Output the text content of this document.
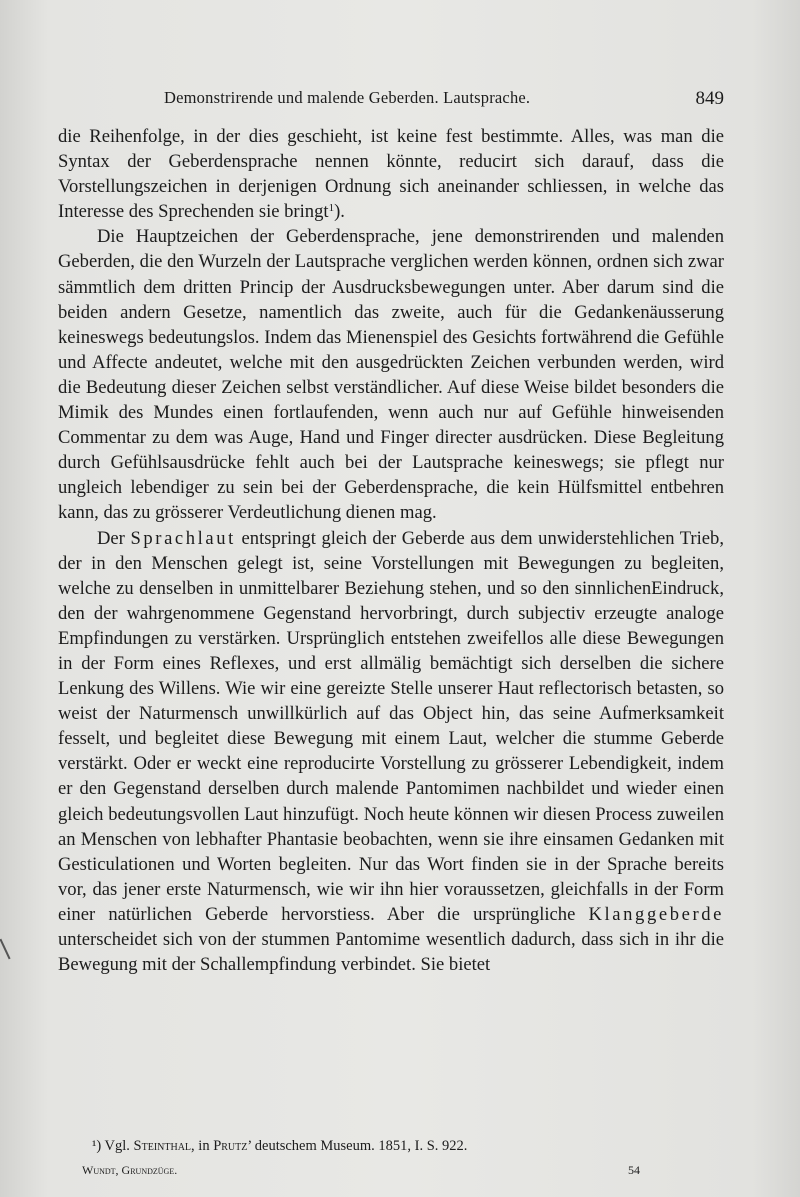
Demonstrirende und malende Geberden. Lautsprache.	849

die Reihenfolge, in der dies geschieht, ist keine fest bestimmte. Alles, was man die Syntax der Geberdensprache nennen könnte, reducirt sich darauf, dass die Vorstellungszeichen in derjenigen Ordnung sich aneinander schliessen, in welche das Interesse des Sprechenden sie bringt$^1$).

Die Hauptzeichen der Geberdensprache, jene demonstrirenden und malenden Geberden, die den Wurzeln der Lautsprache verglichen werden können, ordnen sich zwar sämmtlich dem dritten Princip der Ausdrucksbewegungen unter. Aber darum sind die beiden andern Gesetze, namentlich das zweite, auch für die Gedankenäusserung keineswegs bedeutungslos. Indem das Mienenspiel des Gesichts fortwährend die Gefühle und Affecte andeutet, welche mit den ausgedrückten Zeichen verbunden werden, wird die Bedeutung dieser Zeichen selbst verständlicher. Auf diese Weise bildet besonders die Mimik des Mundes einen fortlaufenden, wenn auch nur auf Gefühle hinweisenden Commentar zu dem was Auge, Hand und Finger directer ausdrücken. Diese Begleitung durch Gefühlsausdrücke fehlt auch bei der Lautsprache keineswegs; sie pflegt nur ungleich lebendiger zu sein bei der Geberdensprache, die kein Hülfsmittel entbehren kann, das zu grösserer Verdeutlichung dienen mag.

Der Sprachlaut entspringt gleich der Geberde aus dem unwiderstehlichen Trieb, der in den Menschen gelegt ist, seine Vorstellungen mit Bewegungen zu begleiten, welche zu denselben in unmittelbarer Beziehung stehen, und so den sinnlichenEindruck, den der wahrgenommene Gegenstand hervorbringt, durch subjectiv erzeugte analoge Empfindungen zu verstärken. Ursprünglich entstehen zweifellos alle diese Bewegungen in der Form eines Reflexes, und erst allmälig bemächtigt sich derselben die sichere Lenkung des Willens. Wie wir eine gereizte Stelle unserer Haut reflectorisch betasten, so weist der Naturmensch unwillkürlich auf das Object hin, das seine Aufmerksamkeit fesselt, und begleitet diese Bewegung mit einem Laut, welcher die stumme Geberde verstärkt. Oder er weckt eine reproducirte Vorstellung zu grösserer Lebendigkeit, indem er den Gegenstand derselben durch malende Pantomimen nachbildet und wieder einen gleich bedeutungsvollen Laut hinzufügt. Noch heute können wir diesen Process zuweilen an Menschen von lebhafter Phantasie beobachten, wenn sie ihre einsamen Gedanken mit Gesticulationen und Worten begleiten. Nur das Wort finden sie in der Sprache bereits vor, das jener erste Naturmensch, wie wir ihn hier voraussetzen, gleichfalls in der Form einer natürlichen Geberde hervorstiess. Aber die ursprüngliche Klanggeberde unterscheidet sich von der stummen Pantomime wesentlich dadurch, dass sich in ihr die Bewegung mit der Schallempfindung verbindet. Sie bietet

¹) Vgl. Steinthal, in Prutz’ deutschem Museum. 1851, I. S. 922.
Wundt, Grundzüge.	54
